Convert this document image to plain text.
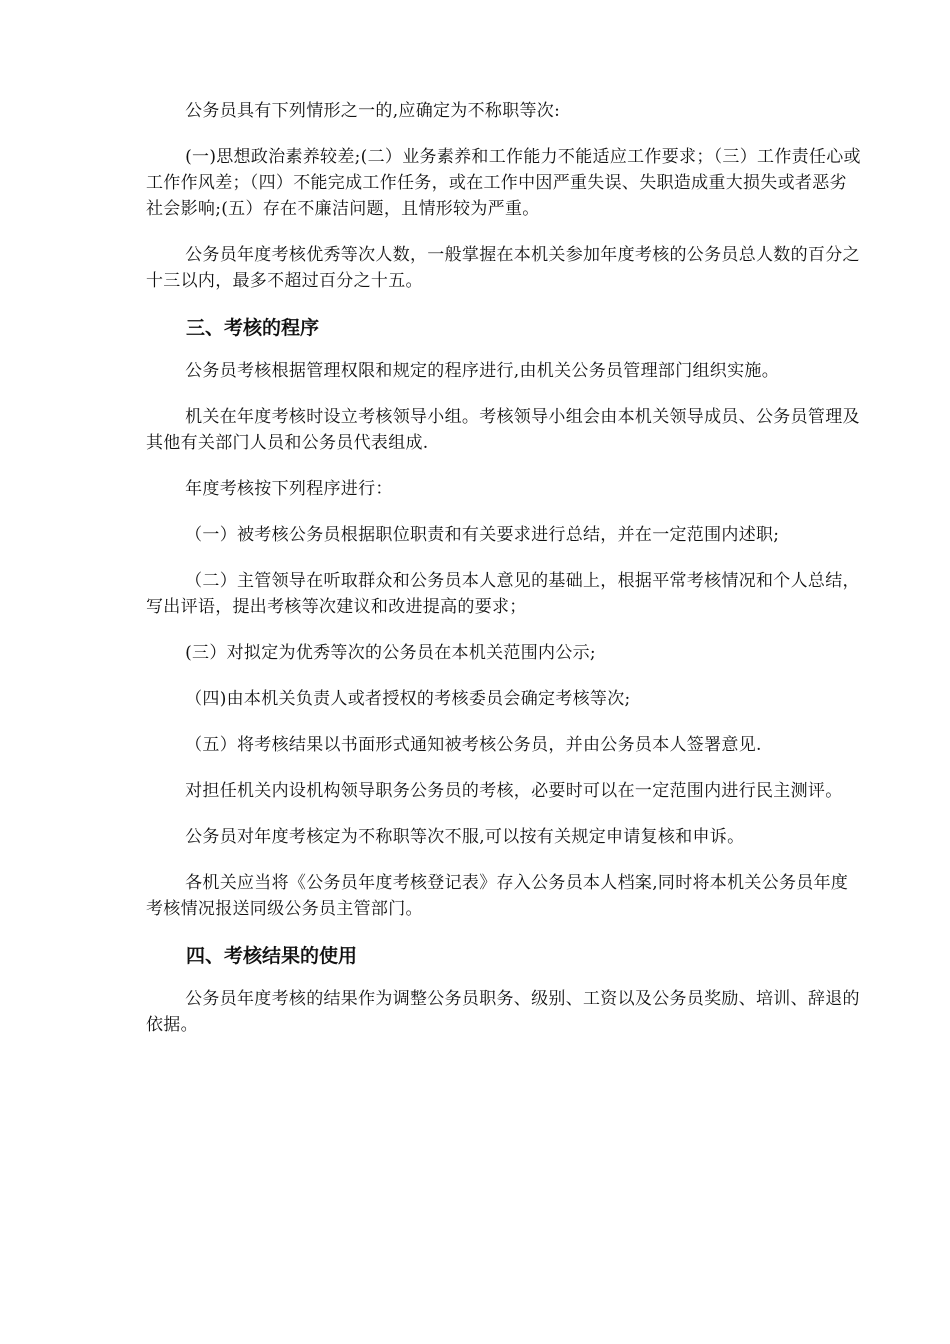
公务员具有下列情形之一的,应确定为不称职等次:

(一)思想政治素养较差;(二）业务素养和工作能力不能适应工作要求；（三）工作责任心或工作作风差；（四）不能完成工作任务，或在工作中因严重失误、失职造成重大损失或者恶劣社会影响;(五）存在不廉洁问题，且情形较为严重。

公务员年度考核优秀等次人数，一般掌握在本机关参加年度考核的公务员总人数的百分之十三以内，最多不超过百分之十五。

三、考核的程序

公务员考核根据管理权限和规定的程序进行,由机关公务员管理部门组织实施。

机关在年度考核时设立考核领导小组。考核领导小组会由本机关领导成员、公务员管理及其他有关部门人员和公务员代表组成.

年度考核按下列程序进行：

（一）被考核公务员根据职位职责和有关要求进行总结，并在一定范围内述职;

（二）主管领导在听取群众和公务员本人意见的基础上，根据平常考核情况和个人总结，写出评语，提出考核等次建议和改进提高的要求；

(三）对拟定为优秀等次的公务员在本机关范围内公示;

（四)由本机关负责人或者授权的考核委员会确定考核等次;

（五）将考核结果以书面形式通知被考核公务员，并由公务员本人签署意见.

对担任机关内设机构领导职务公务员的考核，必要时可以在一定范围内进行民主测评。

公务员对年度考核定为不称职等次不服,可以按有关规定申请复核和申诉。

各机关应当将《公务员年度考核登记表》存入公务员本人档案,同时将本机关公务员年度考核情况报送同级公务员主管部门。

四、考核结果的使用

公务员年度考核的结果作为调整公务员职务、级别、工资以及公务员奖励、培训、辞退的依据。
